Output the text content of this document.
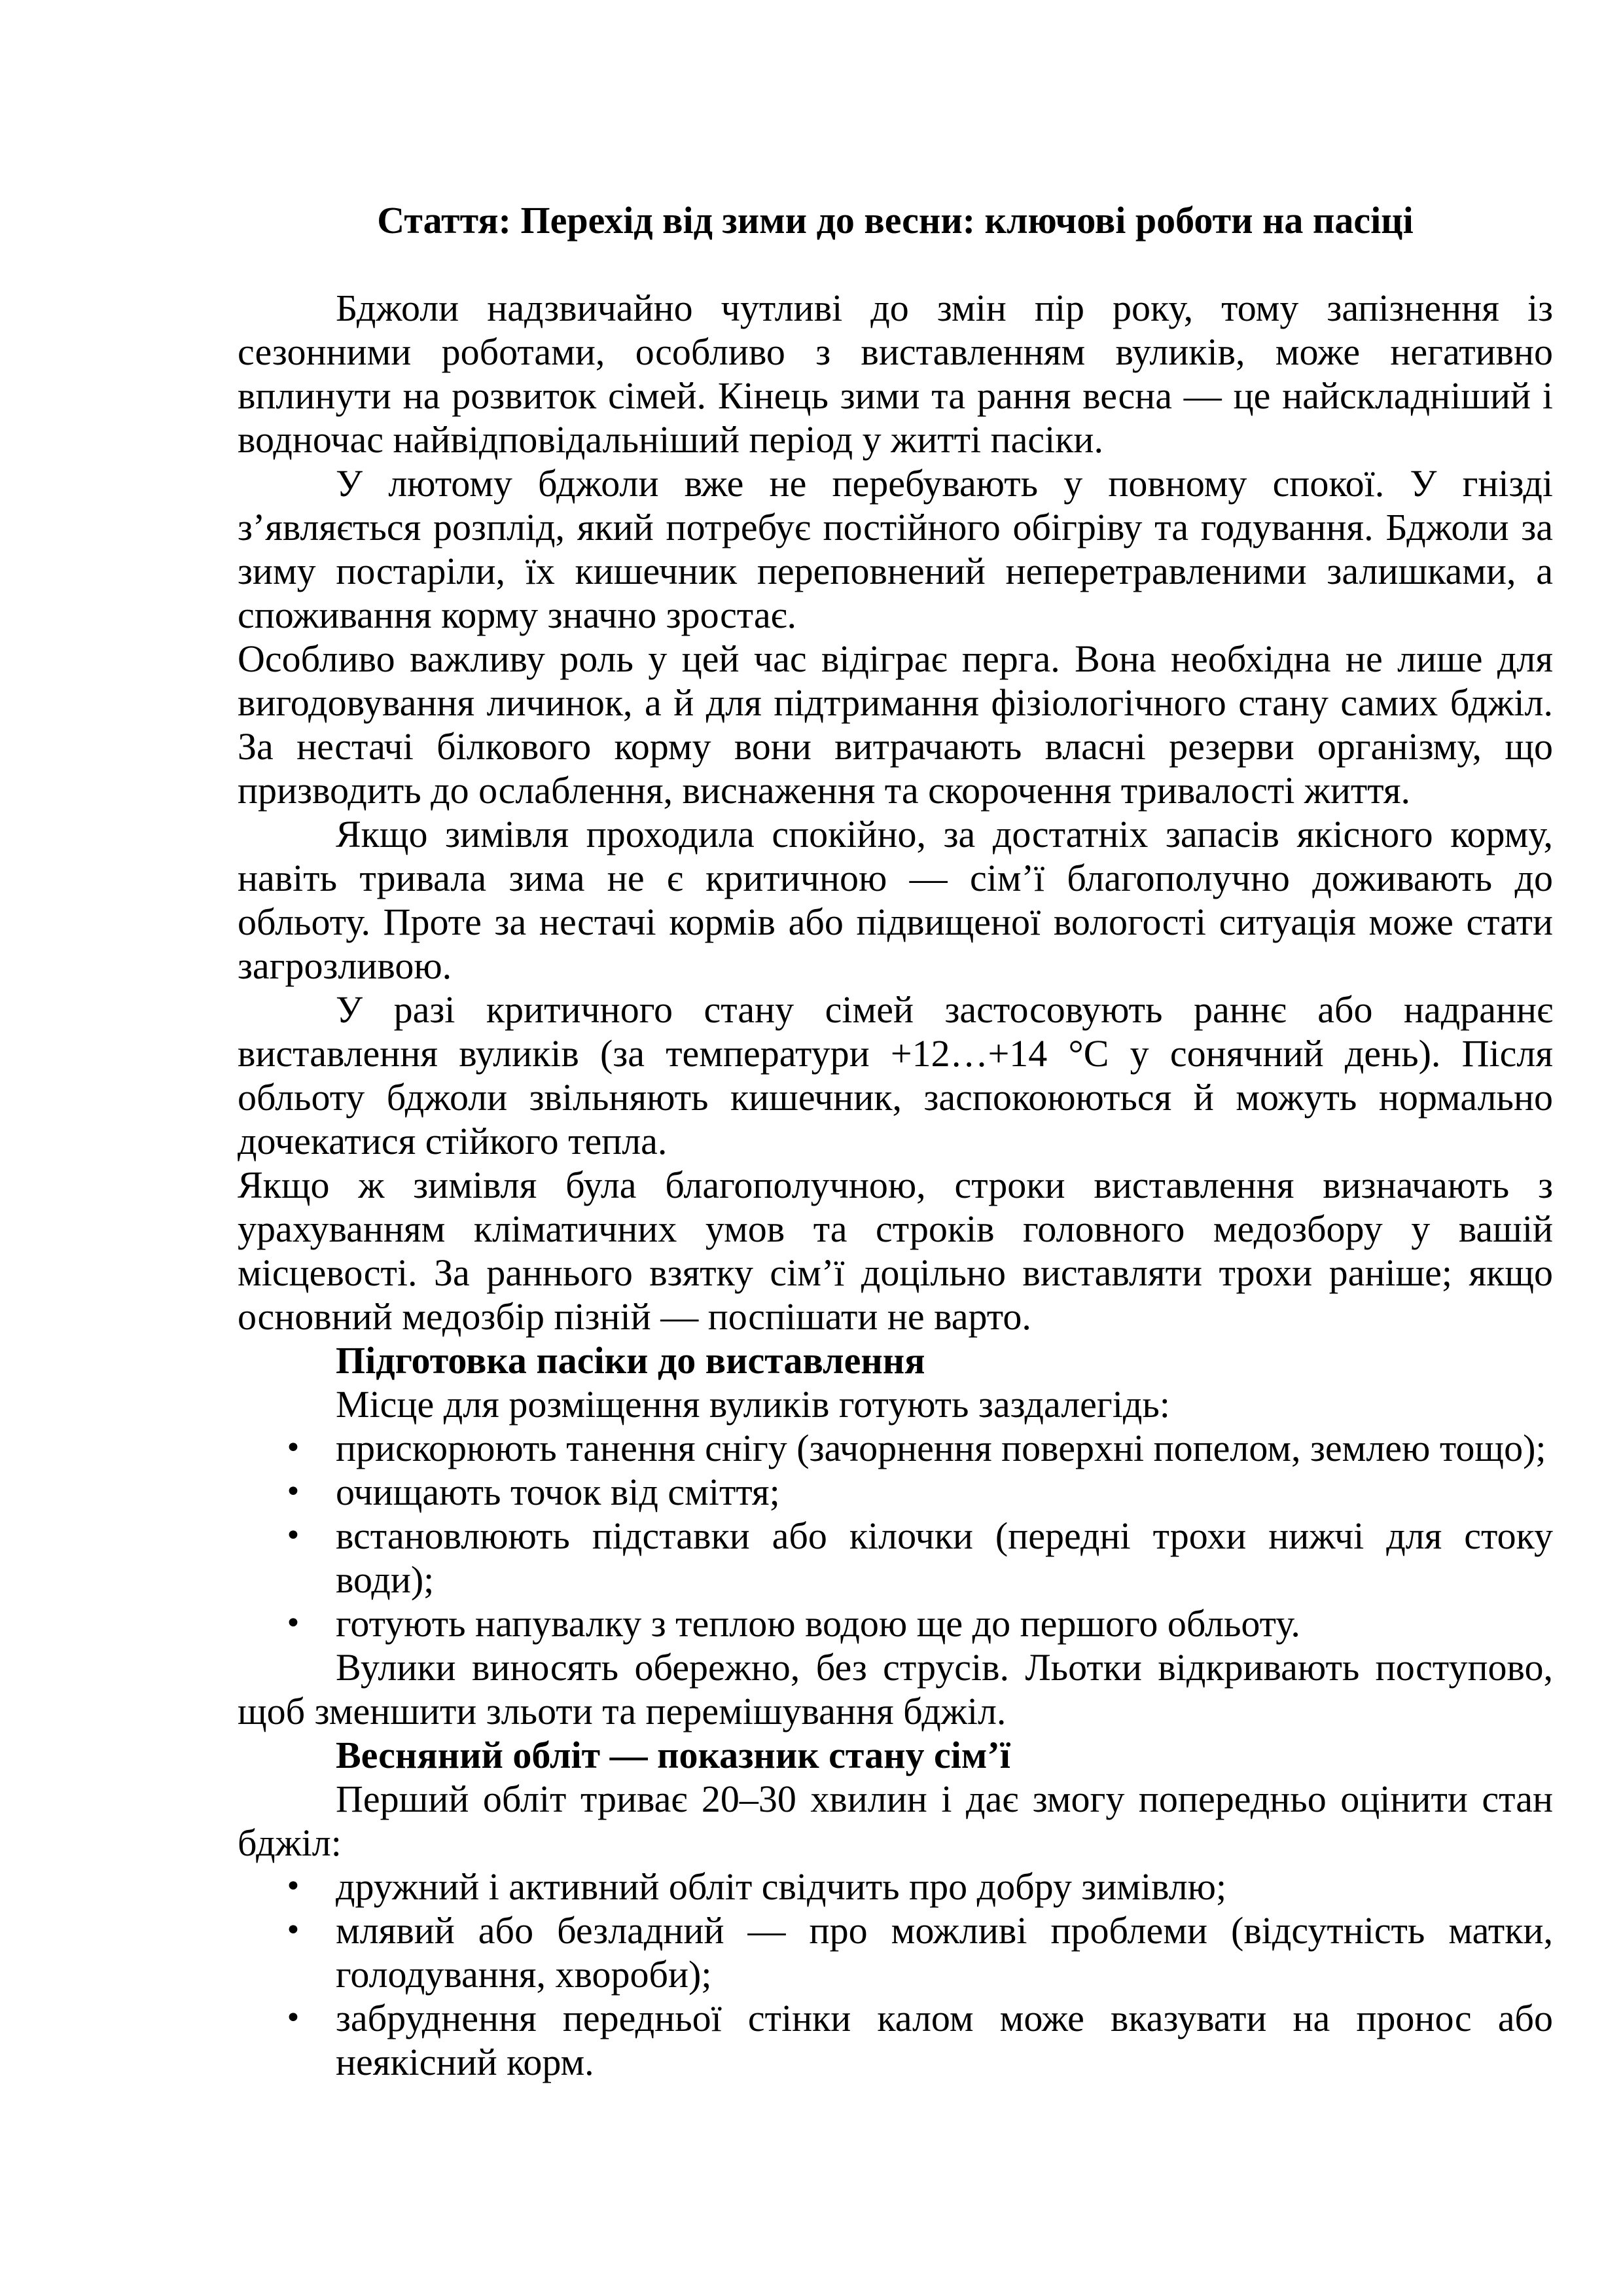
Стаття: Перехід від зими до весни: ключові роботи на пасіці

Бджоли надзвичайно чутливі до змін пір року, тому запізнення із сезонними роботами, особливо з виставленням вуликів, може негативно вплинути на розвиток сімей. Кінець зими та рання весна — це найскладніший і водночас найвідповідальніший період у житті пасіки.

У лютому бджоли вже не перебувають у повному спокої. У гнізді з’являється розплід, який потребує постійного обігріву та годування. Бджоли за зиму постаріли, їх кишечник переповнений неперетравленими залишками, а споживання корму значно зростає.

Особливо важливу роль у цей час відіграє перга. Вона необхідна не лише для вигодовування личинок, а й для підтримання фізіологічного стану самих бджіл. За нестачі білкового корму вони витрачають власні резерви організму, що призводить до ослаблення, виснаження та скорочення тривалості життя.

Якщо зимівля проходила спокійно, за достатніх запасів якісного корму, навіть тривала зима не є критичною — сім’ї благополучно доживають до обльоту. Проте за нестачі кормів або підвищеної вологості ситуація може стати загрозливою.

У разі критичного стану сімей застосовують раннє або надраннє виставлення вуликів (за температури +12…+14 °С у сонячний день). Після обльоту бджоли звільняють кишечник, заспокоюються й можуть нормально дочекатися стійкого тепла.

Якщо ж зимівля була благополучною, строки виставлення визначають з урахуванням кліматичних умов та строків головного медозбору у вашій місцевості. За раннього взятку сім’ї доцільно виставляти трохи раніше; якщо основний медозбір пізній — поспішати не варто.

Підготовка пасіки до виставлення

Місце для розміщення вуликів готують заздалегідь:

• прискорюють танення снігу (зачорнення поверхні попелом, землею тощо);
• очищають точок від сміття;
• встановлюють підставки або кілочки (передні трохи нижчі для стоку води);
• готують напувалку з теплою водою ще до першого обльоту.

Вулики виносять обережно, без струсів. Льотки відкривають поступово, щоб зменшити зльоти та перемішування бджіл.

Весняний обліт — показник стану сім’ї

Перший обліт триває 20–30 хвилин і дає змогу попередньо оцінити стан бджіл:

• дружний і активний обліт свідчить про добру зимівлю;
• млявий або безладний — про можливі проблеми (відсутність матки, голодування, хвороби);
• забруднення передньої стінки калом може вказувати на пронос або неякісний корм.
